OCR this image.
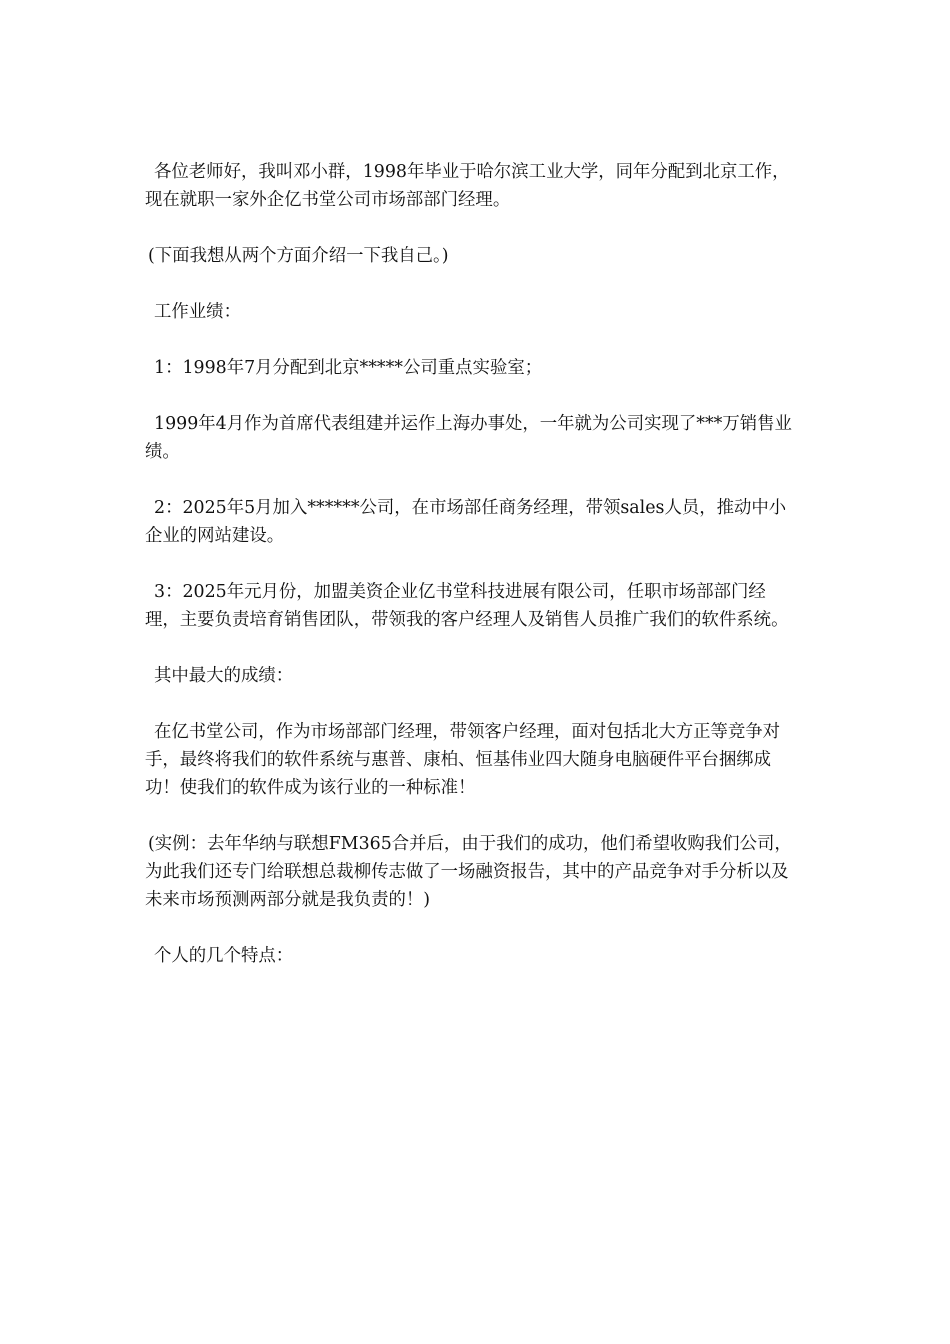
各位老师好，我叫邓小群，1998年毕业于哈尔滨工业大学，同年分配到北京工作，现在就职一家外企亿书堂公司市场部部门经理。

(下面我想从两个方面介绍一下我自己。)

工作业绩：

1：1998年7月分配到北京*****公司重点实验室；

1999年4月作为首席代表组建并运作上海办事处，一年就为公司实现了***万销售业绩。

2：2025年5月加入******公司，在市场部任商务经理，带领sales人员，推动中小企业的网站建设。

3：2025年元月份，加盟美资企业亿书堂科技进展有限公司，任职市场部部门经理，主要负责培育销售团队，带领我的客户经理人及销售人员推广我们的软件系统。

其中最大的成绩：

在亿书堂公司，作为市场部部门经理，带领客户经理，面对包括北大方正等竞争对手，最终将我们的软件系统与惠普、康柏、恒基伟业四大随身电脑硬件平台捆绑成功！使我们的软件成为该行业的一种标准！

(实例：去年华纳与联想FM365合并后，由于我们的成功，他们希望收购我们公司，为此我们还专门给联想总裁柳传志做了一场融资报告，其中的产品竞争对手分析以及未来市场预测两部分就是我负责的！)

个人的几个特点：
